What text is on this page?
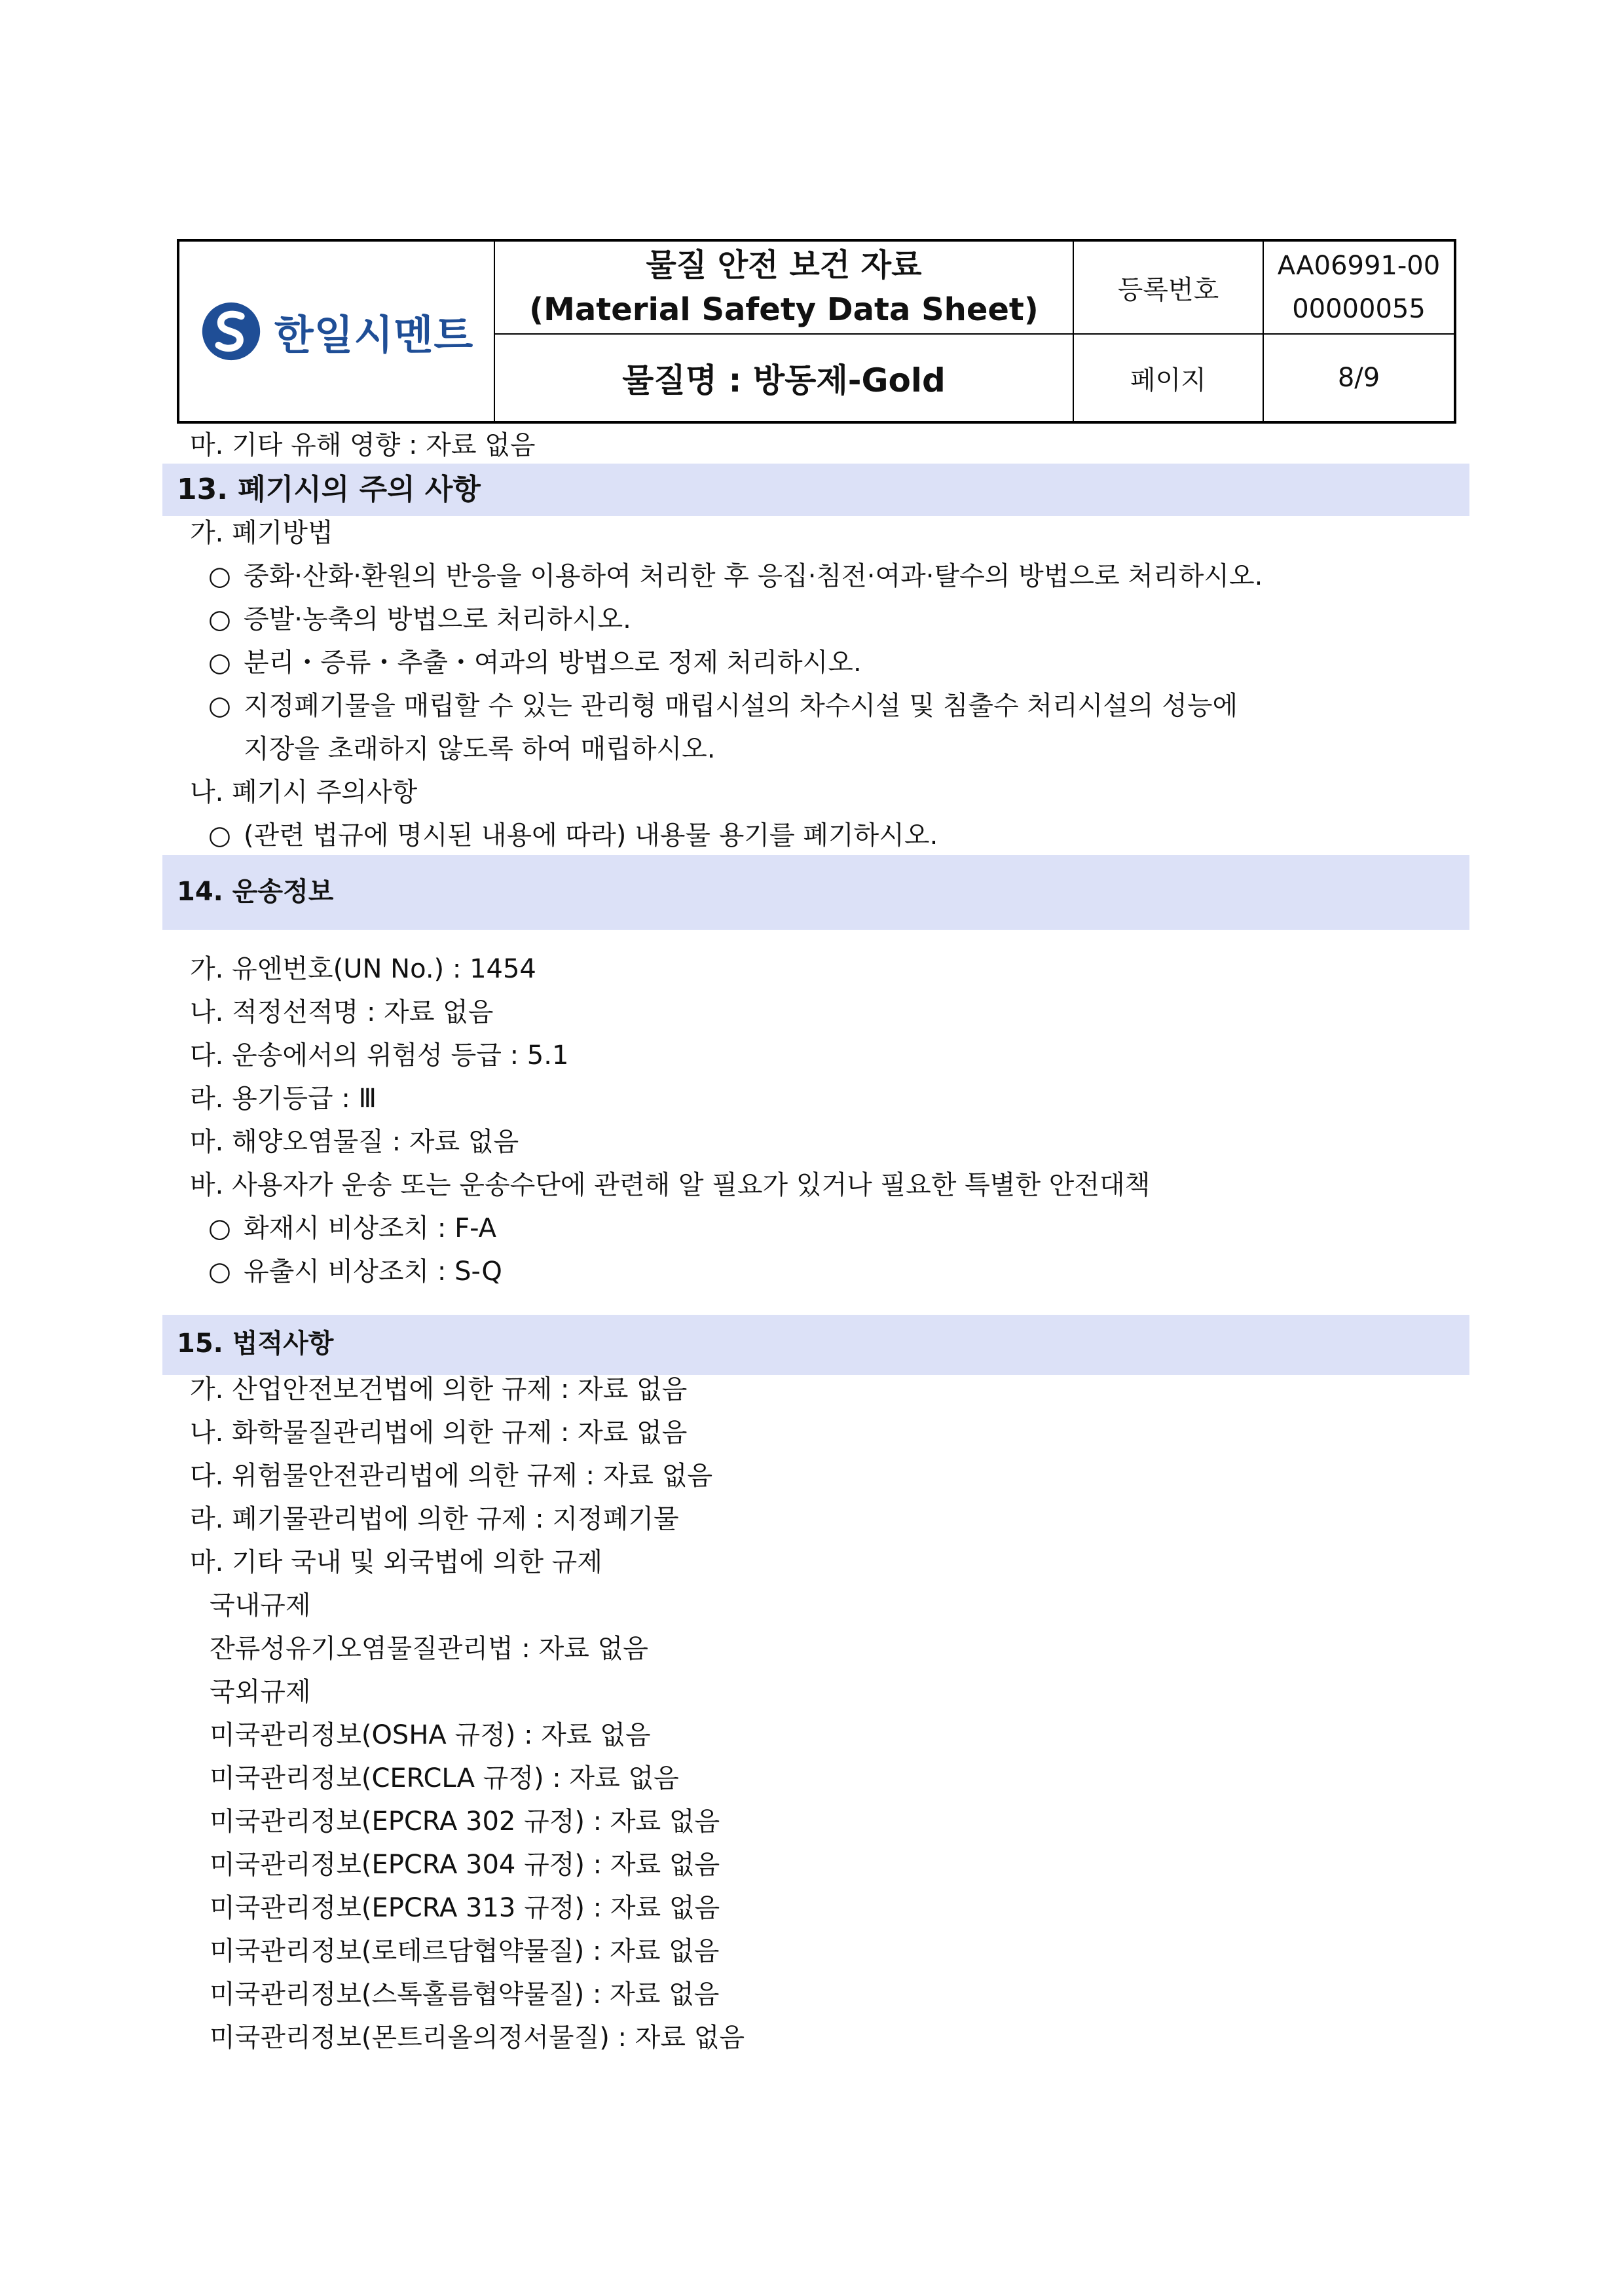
한일시멘트
물질 안전 보건 자료
(Material Safety Data Sheet)
등록번호
AA06991-00
00000055
물질명 : 방동제-Gold	페이지	8/9
마. 기타 유해 영향 : 자료 없음
13. 폐기시의 주의 사항
가. 폐기방법
○ 중화·산화·환원의 반응을 이용하여 처리한 후 응집·침전·여과·탈수의 방법으로 처리하시오.
○ 증발·농축의 방법으로 처리하시오.
○ 분리・증류・추출・여과의 방법으로 정제 처리하시오.
○ 지정폐기물을 매립할 수 있는 관리형 매립시설의 차수시설 및 침출수 처리시설의 성능에
지장을 초래하지 않도록 하여 매립하시오.
나. 폐기시 주의사항
○ (관련 법규에 명시된 내용에 따라) 내용물 용기를 폐기하시오.
14. 운송정보
가. 유엔번호(UN No.) : 1454
나. 적정선적명 : 자료 없음
다. 운송에서의 위험성 등급 : 5.1
라. 용기등급 : Ⅲ
마. 해양오염물질 : 자료 없음
바. 사용자가 운송 또는 운송수단에 관련해 알 필요가 있거나 필요한 특별한 안전대책
○ 화재시 비상조치 : F-A
○ 유출시 비상조치 : S-Q
15. 법적사항
가. 산업안전보건법에 의한 규제 : 자료 없음
나. 화학물질관리법에 의한 규제 : 자료 없음
다. 위험물안전관리법에 의한 규제 : 자료 없음
라. 폐기물관리법에 의한 규제 : 지정폐기물
마. 기타 국내 및 외국법에 의한 규제
국내규제
잔류성유기오염물질관리법 : 자료 없음
국외규제
미국관리정보(OSHA 규정) : 자료 없음
미국관리정보(CERCLA 규정) : 자료 없음
미국관리정보(EPCRA 302 규정) : 자료 없음
미국관리정보(EPCRA 304 규정) : 자료 없음
미국관리정보(EPCRA 313 규정) : 자료 없음
미국관리정보(로테르담협약물질) : 자료 없음
미국관리정보(스톡홀름협약물질) : 자료 없음
미국관리정보(몬트리올의정서물질) : 자료 없음
